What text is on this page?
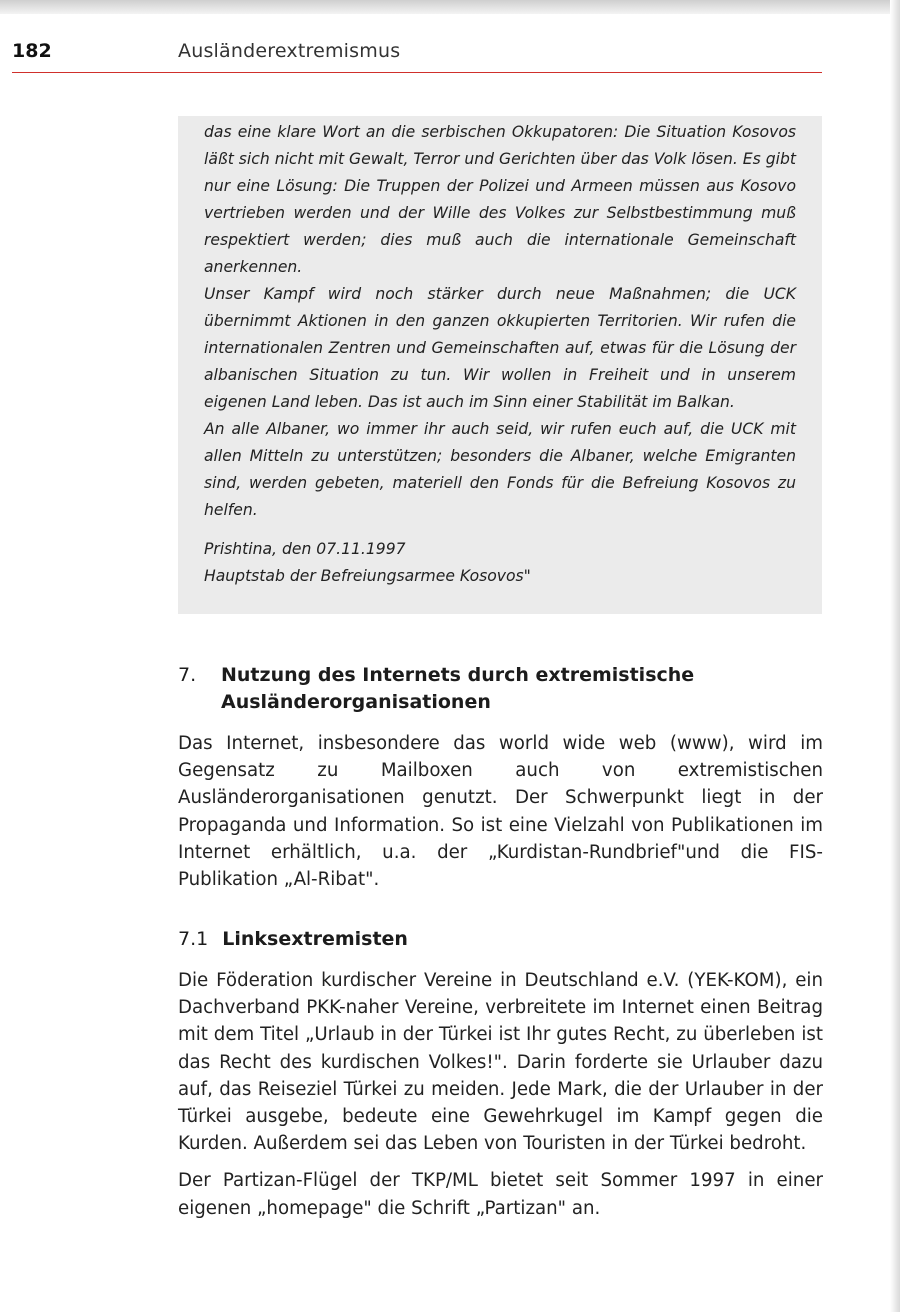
182	Ausländerextremismus

das eine klare Wort an die serbischen Okkupatoren: Die Situation Kosovos läßt sich nicht mit Gewalt, Terror und Gerichten über das Volk lösen. Es gibt nur eine Lösung: Die Truppen der Polizei und Armeen müssen aus Kosovo vertrieben werden und der Wille des Volkes zur Selbstbestimmung muß respektiert werden; dies muß auch die internationale Gemeinschaft anerkennen.

Unser Kampf wird noch stärker durch neue Maßnahmen; die UCK übernimmt Aktionen in den ganzen okkupierten Territorien. Wir rufen die internationalen Zentren und Gemeinschaften auf, etwas für die Lösung der albanischen Situation zu tun. Wir wollen in Freiheit und in unserem eigenen Land leben. Das ist auch im Sinn einer Stabilität im Balkan.

An alle Albaner, wo immer ihr auch seid, wir rufen euch auf, die UCK mit allen Mitteln zu unterstützen; besonders die Albaner, welche Emigranten sind, werden gebeten, materiell den Fonds für die Befreiung Kosovos zu helfen.

Prishtina, den 07.11.1997
Hauptstab der Befreiungsarmee Kosovos"
7. Nutzung des Internets durch extremistische
Ausländerorganisationen

Das Internet, insbesondere das world wide web (www), wird im Gegensatz zu Mailboxen auch von extremistischen Ausländerorganisationen genutzt. Der Schwerpunkt liegt in der Propaganda und Information. So ist eine Vielzahl von Publikationen im Internet erhältlich, u.a. der „Kurdistan-Rundbrief"und die FIS-Publikation „Al-Ribat".

7.1 Linksextremisten

Die Föderation kurdischer Vereine in Deutschland e.V. (YEK-KOM), ein Dachverband PKK-naher Vereine, verbreitete im Internet einen Beitrag mit dem Titel „Urlaub in der Türkei ist Ihr gutes Recht, zu überleben ist das Recht des kurdischen Volkes!". Darin forderte sie Urlauber dazu auf, das Reiseziel Türkei zu meiden. Jede Mark, die der Urlauber in der Türkei ausgebe, bedeute eine Gewehrkugel im Kampf gegen die Kurden. Außerdem sei das Leben von Touristen in der Türkei bedroht.

Der Partizan-Flügel der TKP/ML bietet seit Sommer 1997 in einer eigenen „homepage" die Schrift „Partizan" an.
